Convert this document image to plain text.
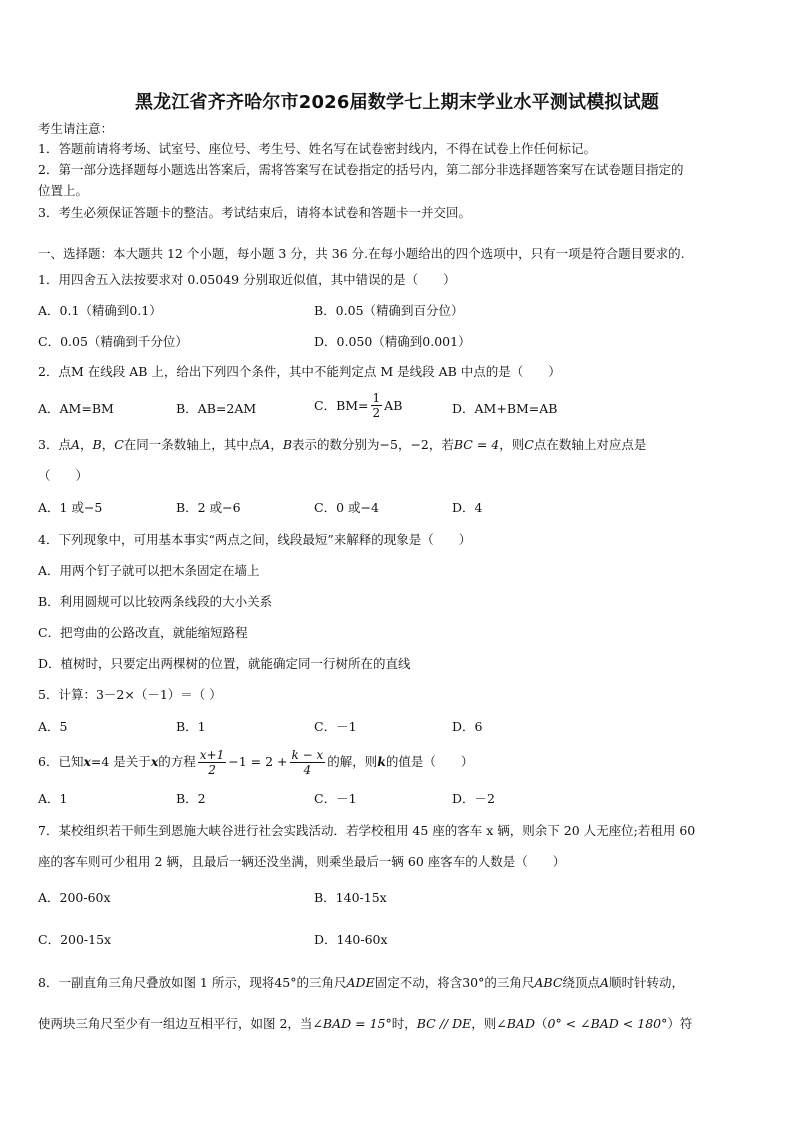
黑龙江省齐齐哈尔市2026届数学七上期末学业水平测试模拟试题
考生请注意：
1．答题前请将考场、试室号、座位号、考生号、姓名写在试卷密封线内，不得在试卷上作任何标记。
2．第一部分选择题每小题选出答案后，需将答案写在试卷指定的括号内，第二部分非选择题答案写在试卷题目指定的
位置上。
3．考生必须保证答题卡的整洁。考试结束后，请将本试卷和答题卡一并交回。
一、选择题：本大题共 12 个小题，每小题 3 分，共 36 分.在每小题给出的四个选项中，只有一项是符合题目要求的.
1．用四舍五入法按要求对 0.05049 分别取近似值，其中错误的是（　　）
A．0.1（精确到0.1）	B．0.05（精确到百分位）
C．0.05（精确到千分位）	D．0.050（精确到0.001）
2．点M 在线段 AB 上，给出下列四个条件，其中不能判定点 M 是线段 AB 中点的是（　　）
A．AM=BM	B．AB=2AM	C．$BM= \frac{1}{2}$ AB	D．AM+BM=AB
3．点A，B，C在同一条数轴上，其中点A，B表示的数分别为−5，−2，若BC = 4，则C点在数轴上对应点是
（　　）
A．1 或−5	B．2 或−6	C．0 或−4	D．4
4．下列现象中，可用基本事实“两点之间，线段最短”来解释的现象是（　　）
A．用两个钉子就可以把木条固定在墙上
B．利用圆规可以比较两条线段的大小关系
C．把弯曲的公路改直，就能缩短路程
D．植树时，只要定出两棵树的位置，就能确定同一行树所在的直线
5．计算：3－2×（－1）＝（ ）
A．5	B．1	C．－1	D．6
6．已知 x =4 是关于 x 的方程 $\frac{x+1}{2} -1 = 2 + \frac{k - x}{4}$ 的解，则 k 的值是（　　）
A．1	B．2	C．－1	D．－2
7．某校组织若干师生到恩施大峡谷进行社会实践活动．若学校租用 45 座的客车 x 辆，则余下 20 人无座位;若租用 60
座的客车则可少租用 2 辆，且最后一辆还没坐满，则乘坐最后一辆 60 座客车的人数是（　　）
A．200-60x	B．140-15x
C．200-15x	D．140-60x
8．一副直角三角尺叠放如图 1 所示，现将45°的三角尺ADE固定不动，将含30°的三角尺ABC绕顶点A顺时针转动，
使两块三角尺至少有一组边互相平行，如图 2，当∠BAD = 15°时，BC // DE，则∠BAD（0° < ∠BAD < 180°）符
